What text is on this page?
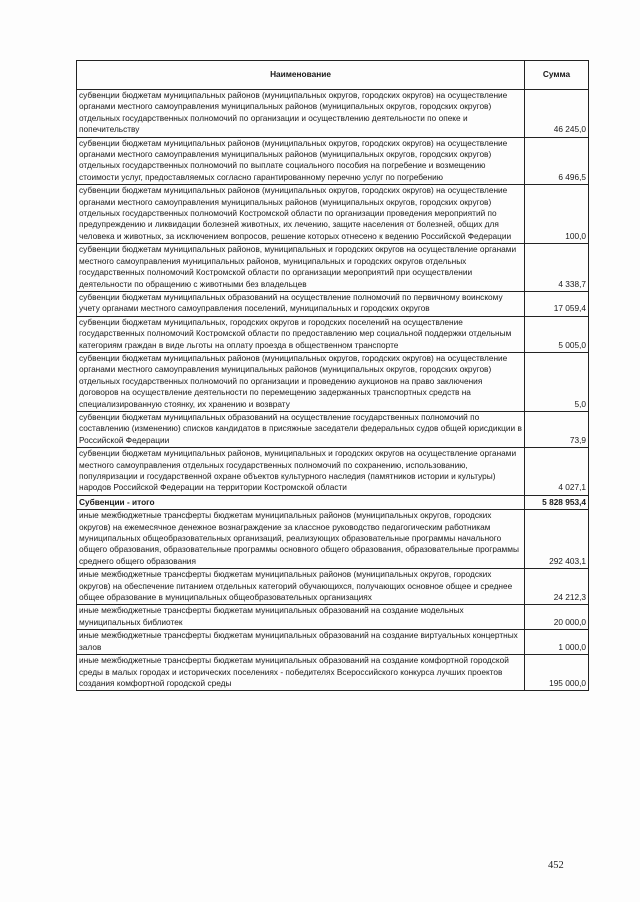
Наименование	Сумма
субвенции бюджетам муниципальных районов (муниципальных округов, городских округов) на осуществление органами местного самоуправления муниципальных районов (муниципальных округов, городских округов) отдельных государственных полномочий по организации и осуществлению деятельности по опеке и попечительству	46 245,0
субвенции бюджетам муниципальных районов (муниципальных округов, городских округов) на осуществление органами местного самоуправления муниципальных районов (муниципальных округов, городских округов) отдельных государственных полномочий по выплате социального пособия на погребение и возмещению стоимости услуг, предоставляемых согласно гарантированному перечню услуг по погребению	6 496,5
субвенции бюджетам муниципальных районов (муниципальных округов, городских округов) на осуществление органами местного самоуправления муниципальных районов (муниципальных округов, городских округов) отдельных государственных полномочий Костромской области по организации проведения мероприятий по предупреждению и ликвидации болезней животных, их лечению, защите населения от болезней, общих для человека и животных, за исключением вопросов, решение которых отнесено к ведению Российской Федерации	100,0
субвенции бюджетам муниципальных районов, муниципальных и городских округов на осуществление органами местного самоуправления муниципальных районов, муниципальных и городских округов отдельных государственных полномочий Костромской области по организации мероприятий при осуществлении деятельности по обращению с животными без владельцев	4 338,7
субвенции бюджетам муниципальных образований на осуществление полномочий по первичному воинскому учету органами местного самоуправления поселений, муниципальных и городских округов	17 059,4
субвенции бюджетам муниципальных, городских округов и городских поселений на осуществление государственных полномочий Костромской области по предоставлению мер социальной поддержки отдельным категориям граждан в виде льготы на оплату проезда в общественном транспорте	5 005,0
субвенции бюджетам муниципальных районов (муниципальных округов, городских округов) на осуществление органами местного самоуправления муниципальных районов (муниципальных округов, городских округов) отдельных государственных полномочий по организации и проведению аукционов на право заключения договоров на осуществление деятельности по перемещению задержанных транспортных средств на специализированную стоянку, их хранению и возврату	5,0
субвенции бюджетам муниципальных образований на осуществление государственных полномочий по составлению (изменению) списков кандидатов в присяжные заседатели федеральных судов общей юрисдикции в Российской Федерации	73,9
субвенции бюджетам муниципальных районов, муниципальных и городских округов на осуществление органами местного самоуправления отдельных государственных полномочий по сохранению, использованию, популяризации и государственной охране объектов культурного наследия (памятников истории и культуры) народов Российской Федерации на территории Костромской области	4 027,1
Субвенции - итого	5 828 953,4
иные межбюджетные трансферты бюджетам муниципальных районов (муниципальных округов, городских округов) на ежемесячное денежное вознаграждение за классное руководство педагогическим работникам муниципальных общеобразовательных организаций, реализующих образовательные программы начального общего образования, образовательные программы основного общего образования, образовательные программы среднего общего образования	292 403,1
иные межбюджетные трансферты бюджетам муниципальных районов (муниципальных округов, городских округов) на обеспечение питанием отдельных категорий обучающихся, получающих основное общее и среднее общее образование в муниципальных общеобразовательных организациях	24 212,3
иные межбюджетные трансферты бюджетам муниципальных образований на создание модельных муниципальных библиотек	20 000,0
иные межбюджетные трансферты бюджетам муниципальных образований на создание виртуальных концертных залов	1 000,0
иные межбюджетные трансферты бюджетам муниципальных образований на создание комфортной городской среды в малых городах и исторических поселениях - победителях Всероссийского конкурса лучших проектов создания комфортной городской среды	195 000,0
452
